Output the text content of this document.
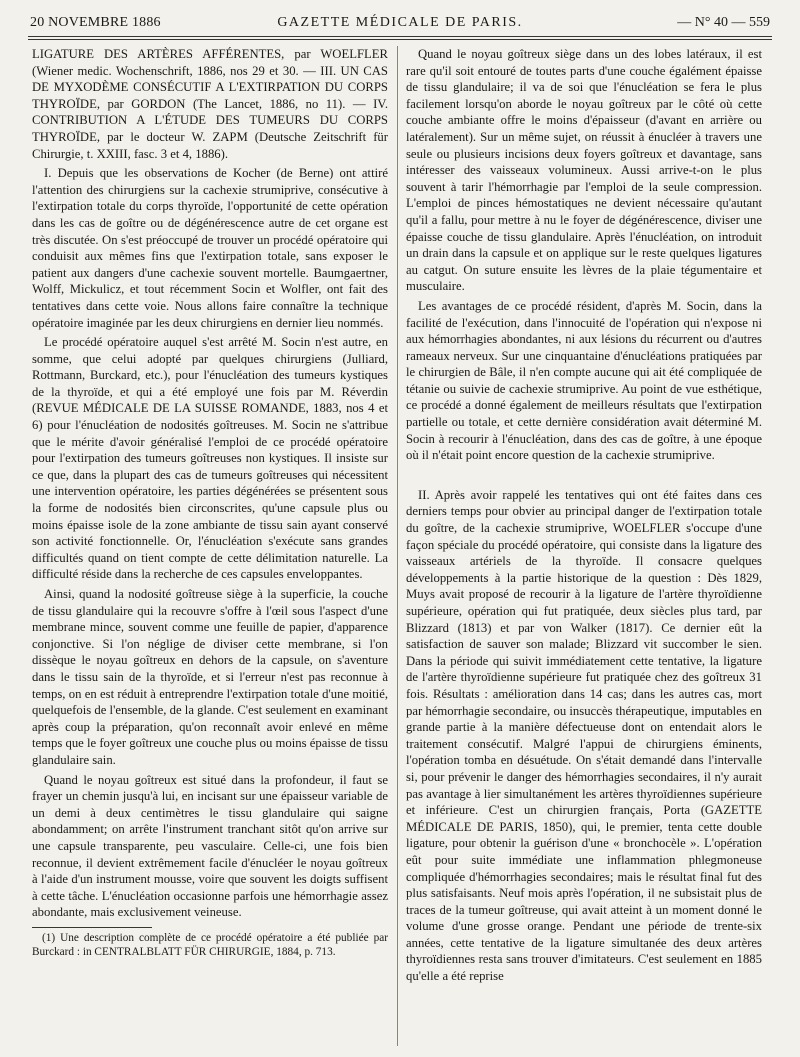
20 NOVEMBRE 1886	GAZETTE MÉDICALE DE PARIS.	— N° 40 — 559

LIGATURE DES ARTÈRES AFFÉRENTES, par WOELFLER (Wiener medic. Wochenschrift, 1886, nos 29 et 30. — III. UN CAS DE MYXODÈME CONSÉCUTIF A L'EXTIRPATION DU CORPS THYROÏDE, par GORDON (The Lancet, 1886, no 11). — IV. CONTRIBUTION A L'ÉTUDE DES TUMEURS DU CORPS THYROÏDE, par le docteur W. ZAPM (Deutsche Zeitschrift für Chirurgie, t. XXIII, fasc. 3 et 4, 1886).

I. Depuis que les observations de Kocher (de Berne) ont attiré l'attention des chirurgiens sur la cachexie strumiprive, consécutive à l'extirpation totale du corps thyroïde, l'opportunité de cette opération dans les cas de goître ou de dégénérescence autre de cet organe est très discutée. On s'est préoccupé de trouver un procédé opératoire qui conduisit aux mêmes fins que l'extirpation totale, sans exposer le patient aux dangers d'une cachexie souvent mortelle. Baumgaertner, Wolff, Mickulicz, et tout récemment Socin et Wolfler, ont fait des tentatives dans cette voie. Nous allons faire connaître la technique opératoire imaginée par les deux chirurgiens en dernier lieu nommés.

Le procédé opératoire auquel s'est arrêté M. Socin n'est autre, en somme, que celui adopté par quelques chirurgiens (Julliard, Rottmann, Burckard, etc.), pour l'énucléation des tumeurs kystiques de la thyroïde, et qui a été employé une fois par M. Réverdin (REVUE MÉDICALE DE LA SUISSE ROMANDE, 1883, nos 4 et 6) pour l'énucléation de nodosités goîtreuses. M. Socin ne s'attribue que le mérite d'avoir généralisé l'emploi de ce procédé opératoire pour l'extirpation des tumeurs goîtreuses non kystiques. Il insiste sur ce que, dans la plupart des cas de tumeurs goîtreuses qui nécessitent une intervention opératoire, les parties dégénérées se présentent sous la forme de nodosités bien circonscrites, qu'une capsule plus ou moins épaisse isole de la zone ambiante de tissu sain ayant conservé son activité fonctionnelle. Or, l'énucléation s'exécute sans grandes difficultés quand on tient compte de cette délimitation naturelle. La difficulté réside dans la recherche de ces capsules enveloppantes.

Ainsi, quand la nodosité goîtreuse siège à la superficie, la couche de tissu glandulaire qui la recouvre s'offre à l'œil sous l'aspect d'une membrane mince, souvent comme une feuille de papier, d'apparence conjonctive. Si l'on néglige de diviser cette membrane, si l'on dissèque le noyau goîtreux en dehors de la capsule, on s'aventure dans le tissu sain de la thyroïde, et si l'erreur n'est pas reconnue à temps, on en est réduit à entreprendre l'extirpation totale d'une moitié, quelquefois de l'ensemble, de la glande. C'est seulement en examinant après coup la préparation, qu'on reconnaît avoir enlevé en même temps que le foyer goîtreux une couche plus ou moins épaisse de tissu glandulaire sain.

Quand le noyau goîtreux est situé dans la profondeur, il faut se frayer un chemin jusqu'à lui, en incisant sur une épaisseur variable de un demi à deux centimètres le tissu glandulaire qui saigne abondamment; on arrête l'instrument tranchant sitôt qu'on arrive sur une capsule transparente, peu vasculaire. Celle-ci, une fois bien reconnue, il devient extrêmement facile d'énucléer le noyau goîtreux à l'aide d'un instrument mousse, voire que souvent les doigts suffisent à cette tâche. L'énucléation occasionne parfois une hémorrhagie assez abondante, mais exclusivement veineuse.

(1) Une description complète de ce procédé opératoire a été publiée par Burckard : in CENTRALBLATT FÜR CHIRURGIE, 1884, p. 713.

Quand le noyau goîtreux siège dans un des lobes latéraux, il est rare qu'il soit entouré de toutes parts d'une couche égalément épaisse de tissu glandulaire; il va de soi que l'énucléation se fera le plus facilement lorsqu'on aborde le noyau goîtreux par le côté où cette couche ambiante offre le moins d'épaisseur (d'avant en arrière ou latéralement). Sur un même sujet, on réussit à énucléer à travers une seule ou plusieurs incisions deux foyers goîtreux et davantage, sans intéresser des vaisseaux volumineux. Aussi arrive-t-on le plus souvent à tarir l'hémorrhagie par l'emploi de la seule compression. L'emploi de pinces hémostatiques ne devient nécessaire qu'autant qu'il a fallu, pour mettre à nu le foyer de dégénérescence, diviser une épaisse couche de tissu glandulaire. Après l'énucléation, on introduit un drain dans la capsule et on applique sur le reste quelques ligatures au catgut. On suture ensuite les lèvres de la plaie tégumentaire et musculaire.

Les avantages de ce procédé résident, d'après M. Socin, dans la facilité de l'exécution, dans l'innocuité de l'opération qui n'expose ni aux hémorrhagies abondantes, ni aux lésions du récurrent ou d'autres rameaux nerveux. Sur une cinquantaine d'énucléations pratiquées par le chirurgien de Bâle, il n'en compte aucune qui ait été compliquée de tétanie ou suivie de cachexie strumiprive. Au point de vue esthétique, ce procédé a donné également de meilleurs résultats que l'extirpation partielle ou totale, et cette dernière considération avait déterminé M. Socin à recourir à l'énucléation, dans des cas de goître, à une époque où il n'était point encore question de la cachexie strumiprive.

II. Après avoir rappelé les tentatives qui ont été faites dans ces derniers temps pour obvier au principal danger de l'extirpation totale du goître, de la cachexie strumiprive, WOELFLER s'occupe d'une façon spéciale du procédé opératoire, qui consiste dans la ligature des vaisseaux artériels de la thyroïde. Il consacre quelques développements à la partie historique de la question : Dès 1829, Muys avait proposé de recourir à la ligature de l'artère thyroïdienne supérieure, opération qui fut pratiquée, deux siècles plus tard, par Blizzard (1813) et par von Walker (1817). Ce dernier eût la satisfaction de sauver son malade; Blizzard vit succomber le sien. Dans la période qui suivit immédiatement cette tentative, la ligature de l'artère thyroïdienne supérieure fut pratiquée chez des goîtreux 31 fois. Résultats : amélioration dans 14 cas; dans les autres cas, mort par hémorrhagie secondaire, ou insuccès thérapeutique, imputables en grande partie à la manière défectueuse dont on entendait alors le traitement consécutif. Malgré l'appui de chirurgiens éminents, l'opération tomba en désuétude. On s'était demandé dans l'intervalle si, pour prévenir le danger des hémorrhagies secondaires, il n'y aurait pas avantage à lier simultanément les artères thyroïdiennes supérieure et inférieure. C'est un chirurgien français, Porta (GAZETTE MÉDICALE DE PARIS, 1850), qui, le premier, tenta cette double ligature, pour obtenir la guérison d'une « bronchocèle ». L'opération eût pour suite immédiate une inflammation phlegmoneuse compliquée d'hémorrhagies secondaires; mais le résultat final fut des plus satisfaisants. Neuf mois après l'opération, il ne subsistait plus de traces de la tumeur goîtreuse, qui avait atteint à un moment donné le volume d'une grosse orange. Pendant une période de trente-six années, cette tentative de la ligature simultanée des deux artères thyroïdiennes resta sans trouver d'imitateurs. C'est seulement en 1885 qu'elle a été reprise
